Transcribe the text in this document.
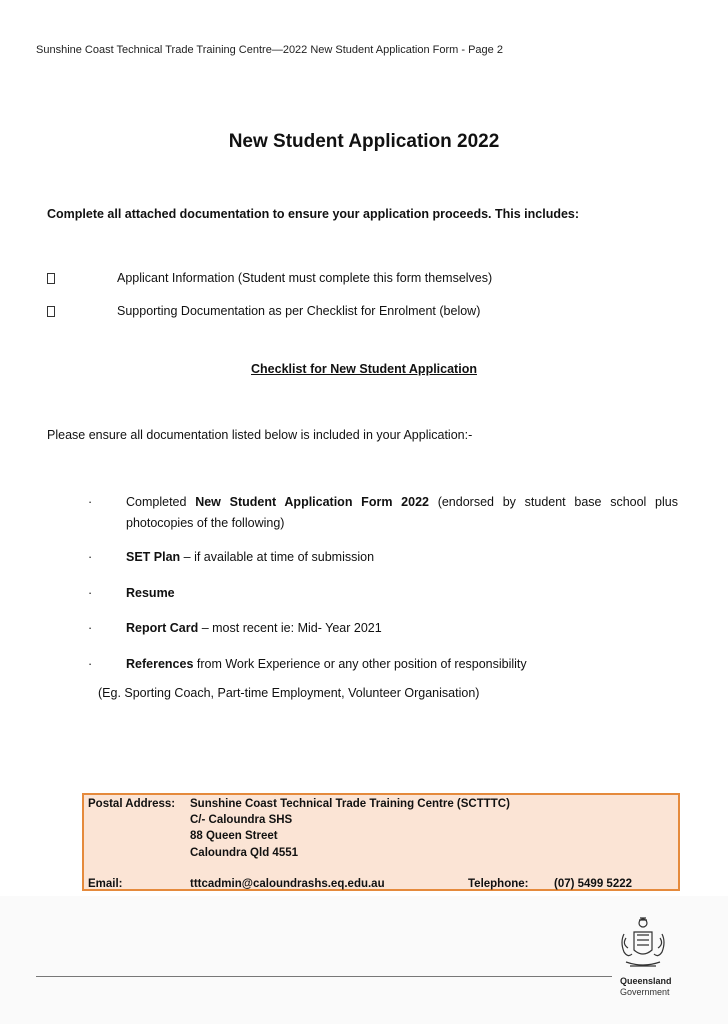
Sunshine Coast Technical Trade Training Centre—2022 New Student Application Form - Page 2
New Student Application 2022
Complete all attached documentation to ensure your application proceeds. This includes:
Applicant Information (Student must complete this form themselves)
Supporting Documentation as per Checklist for Enrolment (below)
Checklist for New Student Application
Please ensure all documentation listed below is included in your Application:-
·	Completed New Student Application Form 2022 (endorsed by student base school plus photocopies of the following)
·	SET Plan – if available at time of submission
·	Resume
·	Report Card – most recent ie: Mid- Year 2021
·	References from Work Experience or any other position of responsibility
(Eg. Sporting Coach, Part-time Employment, Volunteer Organisation)
Postal Address: Sunshine Coast Technical Trade Training Centre (SCTTTC)
C/- Caloundra SHS
88 Queen Street
Caloundra Qld 4551
Email:	tttcadmin@caloundrashs.eq.edu.au	Telephone: (07) 5499 5222
Queensland
Government
